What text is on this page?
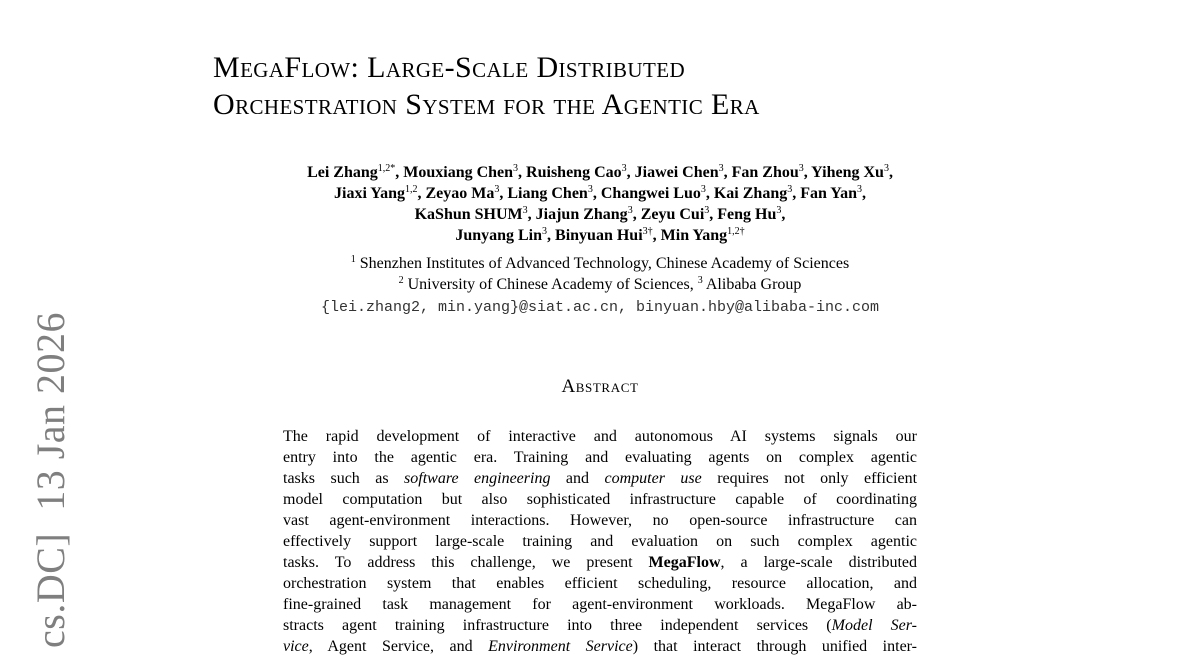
cs.DC]13 Jan 2026
MegaFlow: Large-Scale Distributed
Orchestration System for the Agentic Era
Lei Zhang$^{1,2*}$, Mouxiang Chen$^3$, Ruisheng Cao$^3$, Jiawei Chen$^3$, Fan Zhou$^3$, Yiheng Xu$^3$,
Jiaxi Yang$^{1,2}$, Zeyao Ma$^3$, Liang Chen$^3$, Changwei Luo$^3$, Kai Zhang$^3$, Fan Yan$^3$,
KaShun SHUM$^3$, Jiajun Zhang$^3$, Zeyu Cui$^3$, Feng Hu$^3$,
Junyang Lin$^3$, Binyuan Hui$^{3\dagger}$, Min Yang$^{1,2\dagger}$
$^1$ Shenzhen Institutes of Advanced Technology, Chinese Academy of Sciences
$^2$ University of Chinese Academy of Sciences, $^3$ Alibaba Group
{lei.zhang2, min.yang}@siat.ac.cn, binyuan.hby@alibaba-inc.com
Abstract
The rapid development of interactive and autonomous AI systems signals our
entry into the agentic era. Training and evaluating agents on complex agentic
tasks such as software engineering and computer use requires not only efficient
model computation but also sophisticated infrastructure capable of coordinating
vast agent-environment interactions. However, no open-source infrastructure can
effectively support large-scale training and evaluation on such complex agentic
tasks. To address this challenge, we present MegaFlow, a large-scale distributed
orchestration system that enables efficient scheduling, resource allocation, and
fine-grained task management for agent-environment workloads. MegaFlow ab-
stracts agent training infrastructure into three independent services (Model Ser-
vice, Agent Service, and Environment Service) that interact through unified inter-
